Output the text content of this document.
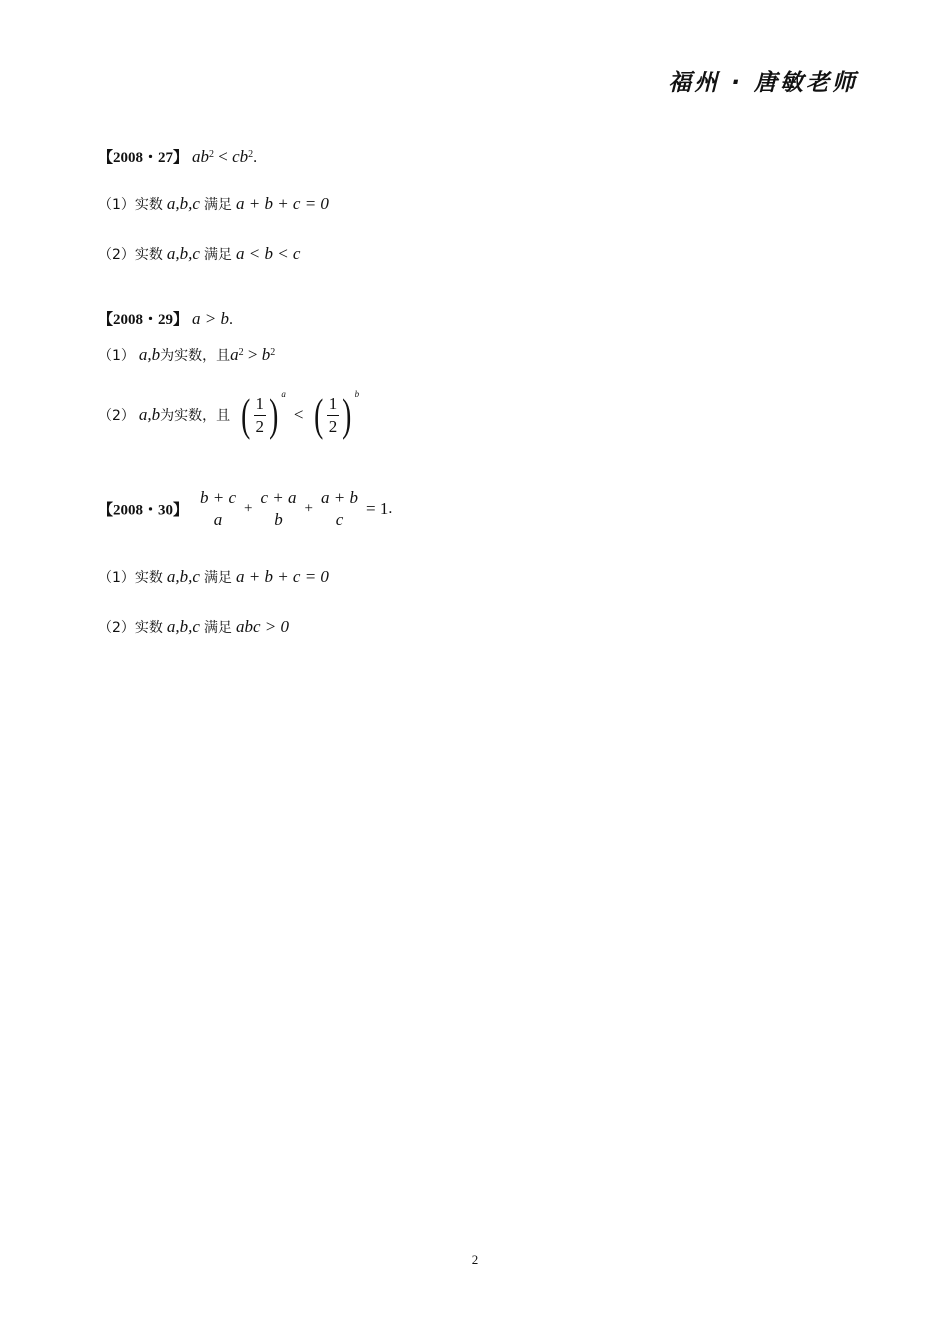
福州 · 唐敏老师
【2008・27】 $ab^2 < cb^2$.
（1）实数 a,b,c 满足 a + b + c = 0
（2）实数 a,b,c 满足 a < b < c
【2008・29】 a > b.
（1） a,b为实数，且$a^2 > b^2$
（2） a,b为实数，且 ( $\frac{1}{2}$ ) $^a$ < ( $\frac{1}{2}$ ) $^b$
【2008・30】
b + c
a
+
c + a
b
+
a + b
c
= 1.
（1）实数 a,b,c 满足 a + b + c = 0
（2）实数 a,b,c 满足 abc > 0
2
